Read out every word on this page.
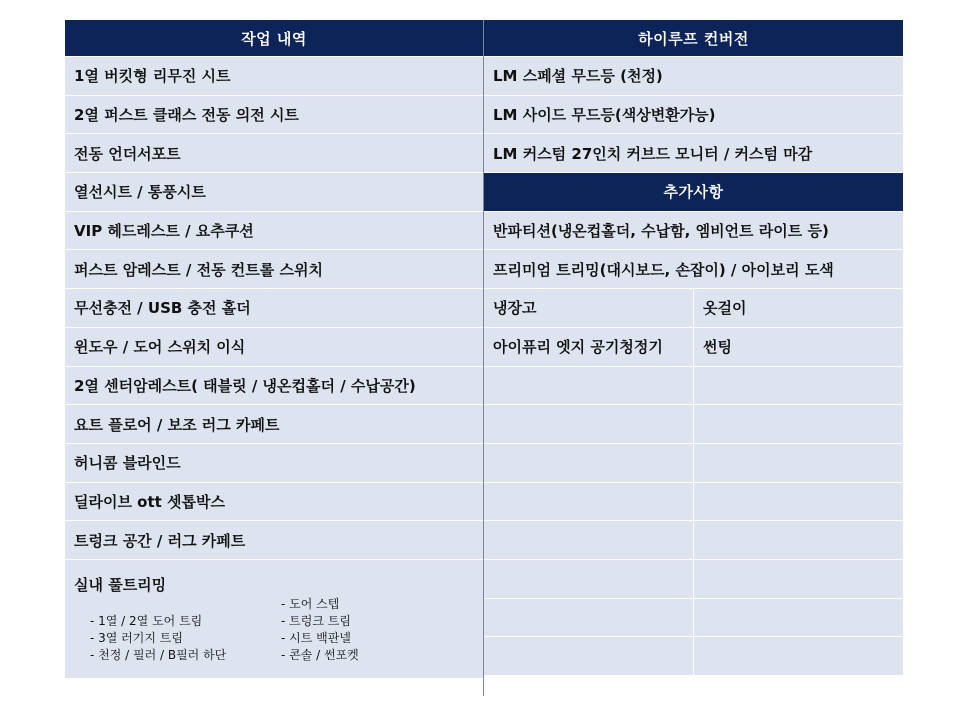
작업 내역
1열 버킷형 리무진 시트
2열 퍼스트 클래스 전동 의전 시트
전동 언더서포트
열선시트 / 통풍시트
VIP 헤드레스트 / 요추쿠션
퍼스트 암레스트 / 전동 컨트롤 스위치
무선충전 / USB 충전 홀더
윈도우 / 도어 스위치 이식
2열 센터암레스트( 태블릿 / 냉온컵홀더 / 수납공간)
요트 플로어 / 보조 러그 카페트
허니콤 블라인드
딜라이브 ott 셋톱박스
트렁크 공간 / 러그 카페트
실내 풀트리밍
- 1열 / 2열 도어 트림
- 3열 러기지 트림
- 천정 / 필러 / B필러 하단
- 도어 스텝
- 트렁크 트림
- 시트 백판넬
- 콘솔 / 썬포켓
하이루프 컨버전
LM 스페셜 무드등 (천정)
LM 사이드 무드등(색상변환가능)
LM 커스텀 27인치 커브드 모니터 / 커스텀 마감
추가사항
반파티션(냉온컵홀더, 수납함, 엠비언트 라이트 등)
프리미엄 트리밍(대시보드, 손잡이) / 아이보리 도색
냉장고	옷걸이
아이퓨리 엣지 공기청정기	썬팅
